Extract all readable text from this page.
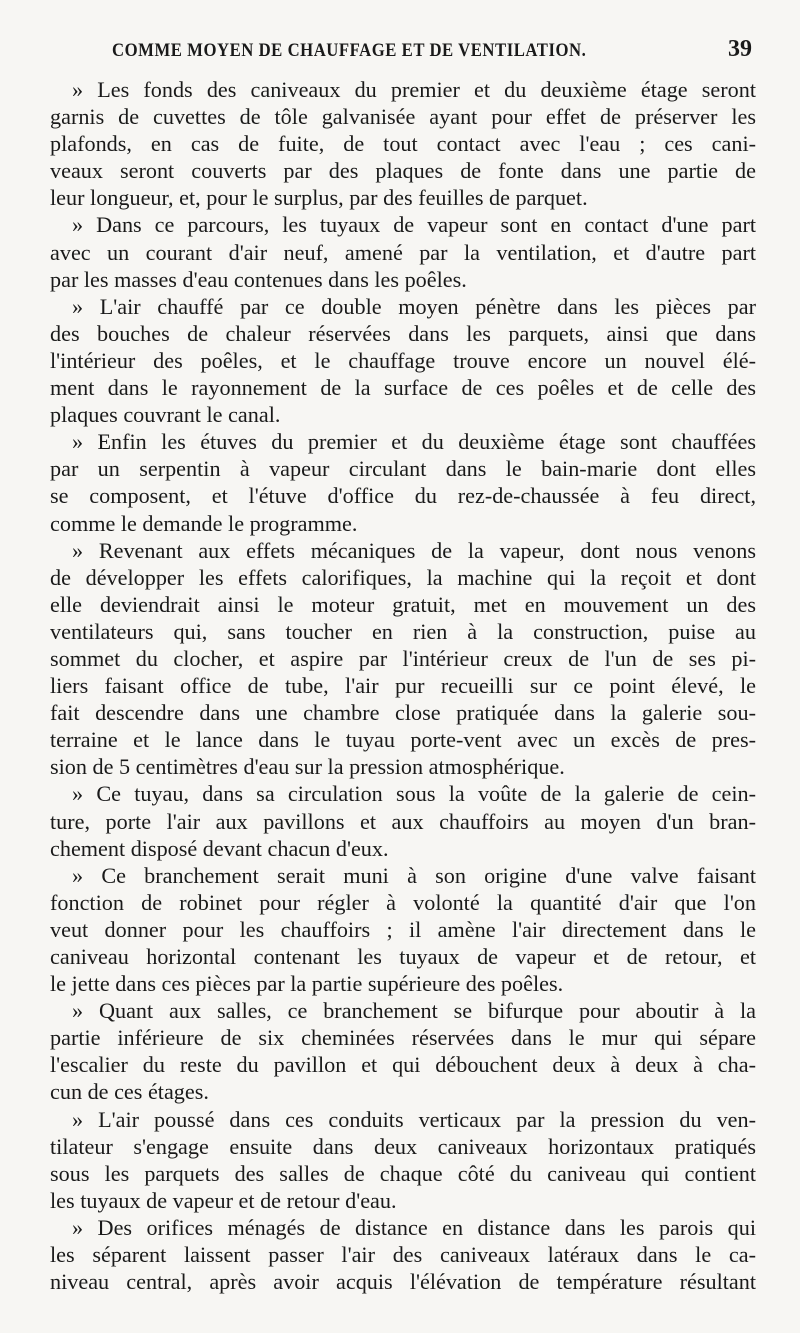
COMME MOYEN DE CHAUFFAGE ET DE VENTILATION.	39
» Les fonds des caniveaux du premier et du deuxième étage seront
garnis de cuvettes de tôle galvanisée ayant pour effet de préserver les
plafonds, en cas de fuite, de tout contact avec l'eau ; ces cani-
veaux seront couverts par des plaques de fonte dans une partie de
leur longueur, et, pour le surplus, par des feuilles de parquet.
» Dans ce parcours, les tuyaux de vapeur sont en contact d'une part
avec un courant d'air neuf, amené par la ventilation, et d'autre part
par les masses d'eau contenues dans les poêles.
» L'air chauffé par ce double moyen pénètre dans les pièces par
des bouches de chaleur réservées dans les parquets, ainsi que dans
l'intérieur des poêles, et le chauffage trouve encore un nouvel élé-
ment dans le rayonnement de la surface de ces poêles et de celle des
plaques couvrant le canal.
» Enfin les étuves du premier et du deuxième étage sont chauffées
par un serpentin à vapeur circulant dans le bain-marie dont elles
se composent, et l'étuve d'office du rez-de-chaussée à feu direct,
comme le demande le programme.
» Revenant aux effets mécaniques de la vapeur, dont nous venons
de développer les effets calorifiques, la machine qui la reçoit et dont
elle deviendrait ainsi le moteur gratuit, met en mouvement un des
ventilateurs qui, sans toucher en rien à la construction, puise au
sommet du clocher, et aspire par l'intérieur creux de l'un de ses pi-
liers faisant office de tube, l'air pur recueilli sur ce point élevé, le
fait descendre dans une chambre close pratiquée dans la galerie sou-
terraine et le lance dans le tuyau porte-vent avec un excès de pres-
sion de 5 centimètres d'eau sur la pression atmosphérique.
» Ce tuyau, dans sa circulation sous la voûte de la galerie de cein-
ture, porte l'air aux pavillons et aux chauffoirs au moyen d'un bran-
chement disposé devant chacun d'eux.
» Ce branchement serait muni à son origine d'une valve faisant
fonction de robinet pour régler à volonté la quantité d'air que l'on
veut donner pour les chauffoirs ; il amène l'air directement dans le
caniveau horizontal contenant les tuyaux de vapeur et de retour, et
le jette dans ces pièces par la partie supérieure des poêles.
» Quant aux salles, ce branchement se bifurque pour aboutir à la
partie inférieure de six cheminées réservées dans le mur qui sépare
l'escalier du reste du pavillon et qui débouchent deux à deux à cha-
cun de ces étages.
» L'air poussé dans ces conduits verticaux par la pression du ven-
tilateur s'engage ensuite dans deux caniveaux horizontaux pratiqués
sous les parquets des salles de chaque côté du caniveau qui contient
les tuyaux de vapeur et de retour d'eau.
» Des orifices ménagés de distance en distance dans les parois qui
les séparent laissent passer l'air des caniveaux latéraux dans le ca-
niveau central, après avoir acquis l'élévation de température résultant
